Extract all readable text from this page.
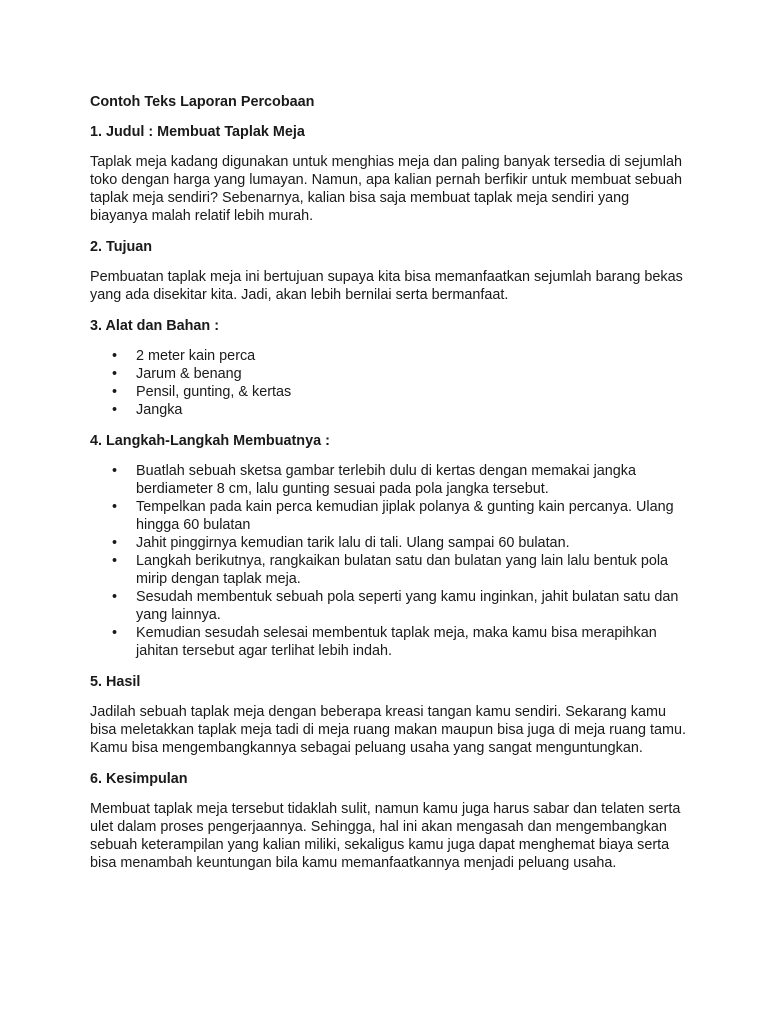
Contoh Teks Laporan Percobaan
1. Judul : Membuat Taplak Meja

Taplak meja kadang digunakan untuk menghias meja dan paling banyak tersedia di sejumlah toko dengan harga yang lumayan. Namun, apa kalian pernah berfikir untuk membuat sebuah taplak meja sendiri? Sebenarnya, kalian bisa saja membuat taplak meja sendiri yang biayanya malah relatif lebih murah.

2. Tujuan

Pembuatan taplak meja ini bertujuan supaya kita bisa memanfaatkan sejumlah barang bekas yang ada disekitar kita. Jadi, akan lebih bernilai serta bermanfaat.

3. Alat dan Bahan :
• 2 meter kain perca
• Jarum & benang
• Pensil, gunting, & kertas
• Jangka
4. Langkah-Langkah Membuatnya :
• Buatlah sebuah sketsa gambar terlebih dulu di kertas dengan memakai jangka berdiameter 8 cm, lalu gunting sesuai pada pola jangka tersebut.
• Tempelkan pada kain perca kemudian jiplak polanya & gunting kain percanya. Ulang hingga 60 bulatan
• Jahit pinggirnya kemudian tarik lalu di tali. Ulang sampai 60 bulatan.
• Langkah berikutnya, rangkaikan bulatan satu dan bulatan yang lain lalu bentuk pola mirip dengan taplak meja.
• Sesudah membentuk sebuah pola seperti yang kamu inginkan, jahit bulatan satu dan yang lainnya.
• Kemudian sesudah selesai membentuk taplak meja, maka kamu bisa merapihkan jahitan tersebut agar terlihat lebih indah.
5. Hasil

Jadilah sebuah taplak meja dengan beberapa kreasi tangan kamu sendiri. Sekarang kamu bisa meletakkan taplak meja tadi di meja ruang makan maupun bisa juga di meja ruang tamu. Kamu bisa mengembangkannya sebagai peluang usaha yang sangat menguntungkan.

6. Kesimpulan

Membuat taplak meja tersebut tidaklah sulit, namun kamu juga harus sabar dan telaten serta ulet dalam proses pengerjaannya. Sehingga, hal ini akan mengasah dan mengembangkan sebuah keterampilan yang kalian miliki, sekaligus kamu juga dapat menghemat biaya serta bisa menambah keuntungan bila kamu memanfaatkannya menjadi peluang usaha.
